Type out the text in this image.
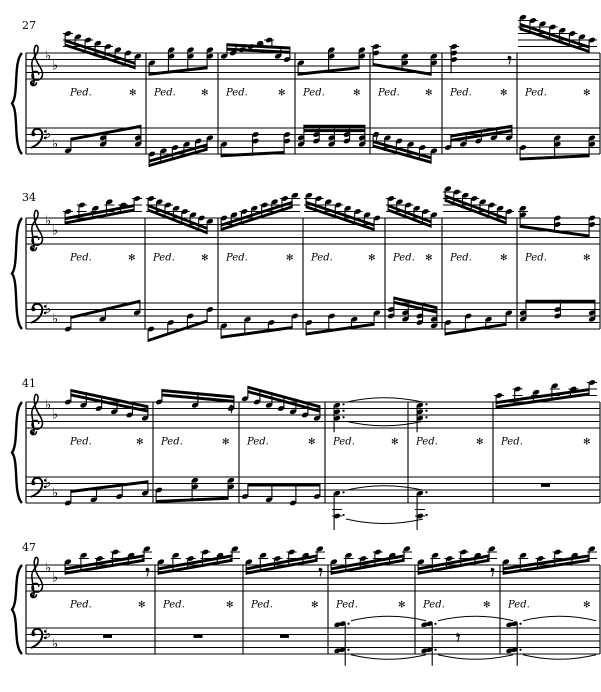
27
34
41
47
♭
♭
♭
♭
Ped.	✻ Ped.	✻ Ped.	✻ Ped.	✻ Ped.	✻ Ped.	✻ Ped.	✻
♭
♭
♭
♭
Ped.	✻ Ped.	✻ Ped.	✻ Ped.	✻ Ped. ✻ Ped.	✻ Ped.	✻
♭
♭
♭
♭
Ped.	✻ Ped.	✻ Ped.	✻ Ped.	✻ Ped.	✻ Ped.	✻
♭
♭
♭
♭
Ped.	✻ Ped.	✻ Ped.	✻ Ped.	✻ Ped.	✻ Ped.	✻
